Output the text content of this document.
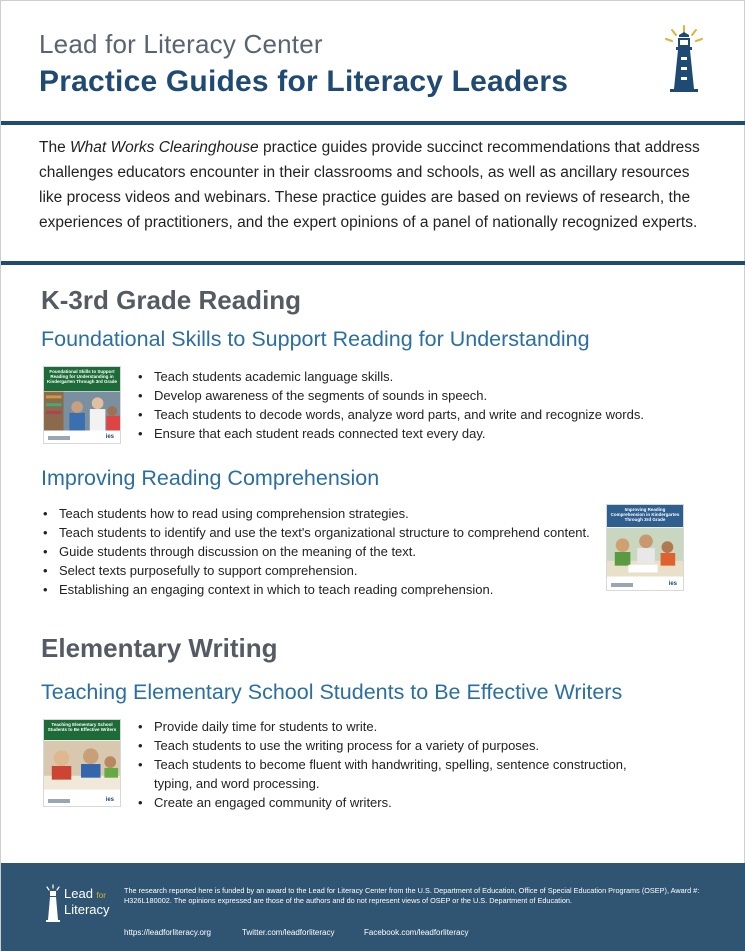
Lead for Literacy Center
Practice Guides for Literacy Leaders
The What Works Clearinghouse practice guides provide succinct recommendations that address challenges educators encounter in their classrooms and schools, as well as ancillary resources like process videos and webinars. These practice guides are based on reviews of research, the experiences of practitioners, and the expert opinions of a panel of nationally recognized experts.
K-3rd Grade Reading
Foundational Skills to Support Reading for Understanding
Foundational Skills to Support Reading for Understanding in Kindergarten Through 3rd Grade
ies
• Teach students academic language skills.
• Develop awareness of the segments of sounds in speech.
• Teach students to decode words, analyze word parts, and write and recognize words.
• Ensure that each student reads connected text every day.
Improving Reading Comprehension
• Teach students how to read using comprehension strategies.
• Teach students to identify and use the text's organizational structure to comprehend content.
• Guide students through discussion on the meaning of the text.
• Select texts purposefully to support comprehension.
• Establishing an engaging context in which to teach reading comprehension.
Improving Reading Comprehension in Kindergarten Through 3rd Grade
ies
Elementary Writing
Teaching Elementary School Students to Be Effective Writers
Teaching Elementary School Students to Be Effective Writers
ies
• Provide daily time for students to write.
• Teach students to use the writing process for a variety of purposes.
• Teach students to become fluent with handwriting, spelling, sentence construction, typing, and word processing.
• Create an engaged community of writers.
Lead for
Literacy
The research reported here is funded by an award to the Lead for Literacy Center from the U.S. Department of Education, Office of Special Education Programs (OSEP), Award #: H326L180002. The opinions expressed are those of the authors and do not represent views of OSEP or the U.S. Department of Education.
https://leadforliteracy.org	Twitter.com/leadforliteracy	Facebook.com/leadforliteracy
